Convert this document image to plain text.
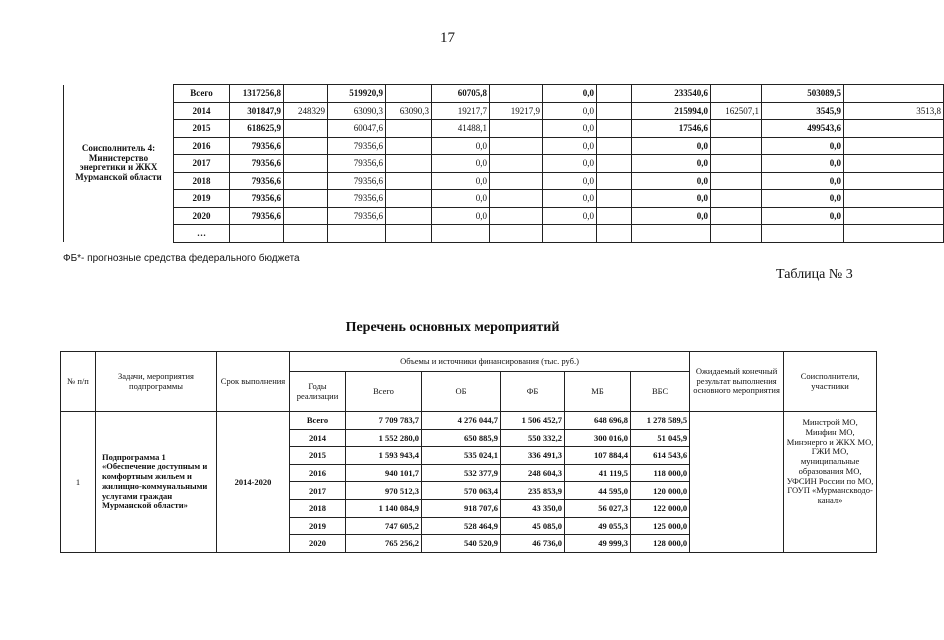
17
Соисполнитель 4: Министерство энергетики и ЖКХ Мурманской области	Всего	1317256,8		519920,9		60705,8		0,0		233540,6		503089,5	
	2014	301847,9	248329	63090,3	63090,3	19217,7	19217,9	0,0		215994,0	162507,1	3545,9	3513,8
	2015	618625,9		60047,6		41488,1		0,0		17546,6		499543,6	
	2016	79356,6		79356,6		0,0		0,0		0,0		0,0	
	2017	79356,6		79356,6		0,0		0,0		0,0		0,0	
	2018	79356,6		79356,6		0,0		0,0		0,0		0,0	
	2019	79356,6		79356,6		0,0		0,0		0,0		0,0	
	2020	79356,6		79356,6		0,0		0,0		0,0		0,0	
	…												
ФБ*- прогнозные средства федерального бюджета
Таблица № 3
Перечень основных мероприятий
№ п/п	Задачи, мероприятия подпрограммы	Срок выполнения	Объемы и источники финансирования (тыс. руб.)						Ожидаемый конечный результат выполнения основного мероприятия	Соисполнители, участники
			Годы реализации	Всего	ОБ	ФБ	МБ	ВБС		
1	Подпрограмма 1 «Обеспечение доступным и комфортным жильем и жилищно-коммунальными услугами граждан Мурманской области»	2014-2020	Всего	7 709 783,7	4 276 044,7	1 506 452,7	648 696,8	1 278 589,5		Минстрой МО, Минфин МО, Минэнерго и ЖКХ МО, ГЖИ МО, муниципальные образования МО, УФСИН России по МО, ГОУП «Мурманскводо-канал»
			2014	1 552 280,0	650 885,9	550 332,2	300 016,0	51 045,9		
			2015	1 593 943,4	535 024,1	336 491,3	107 884,4	614 543,6		
			2016	940 101,7	532 377,9	248 604,3	41 119,5	118 000,0		
			2017	970 512,3	570 063,4	235 853,9	44 595,0	120 000,0		
			2018	1 140 084,9	918 707,6	43 350,0	56 027,3	122 000,0		
			2019	747 605,2	528 464,9	45 085,0	49 055,3	125 000,0		
			2020	765 256,2	540 520,9	46 736,0	49 999,3	128 000,0		
